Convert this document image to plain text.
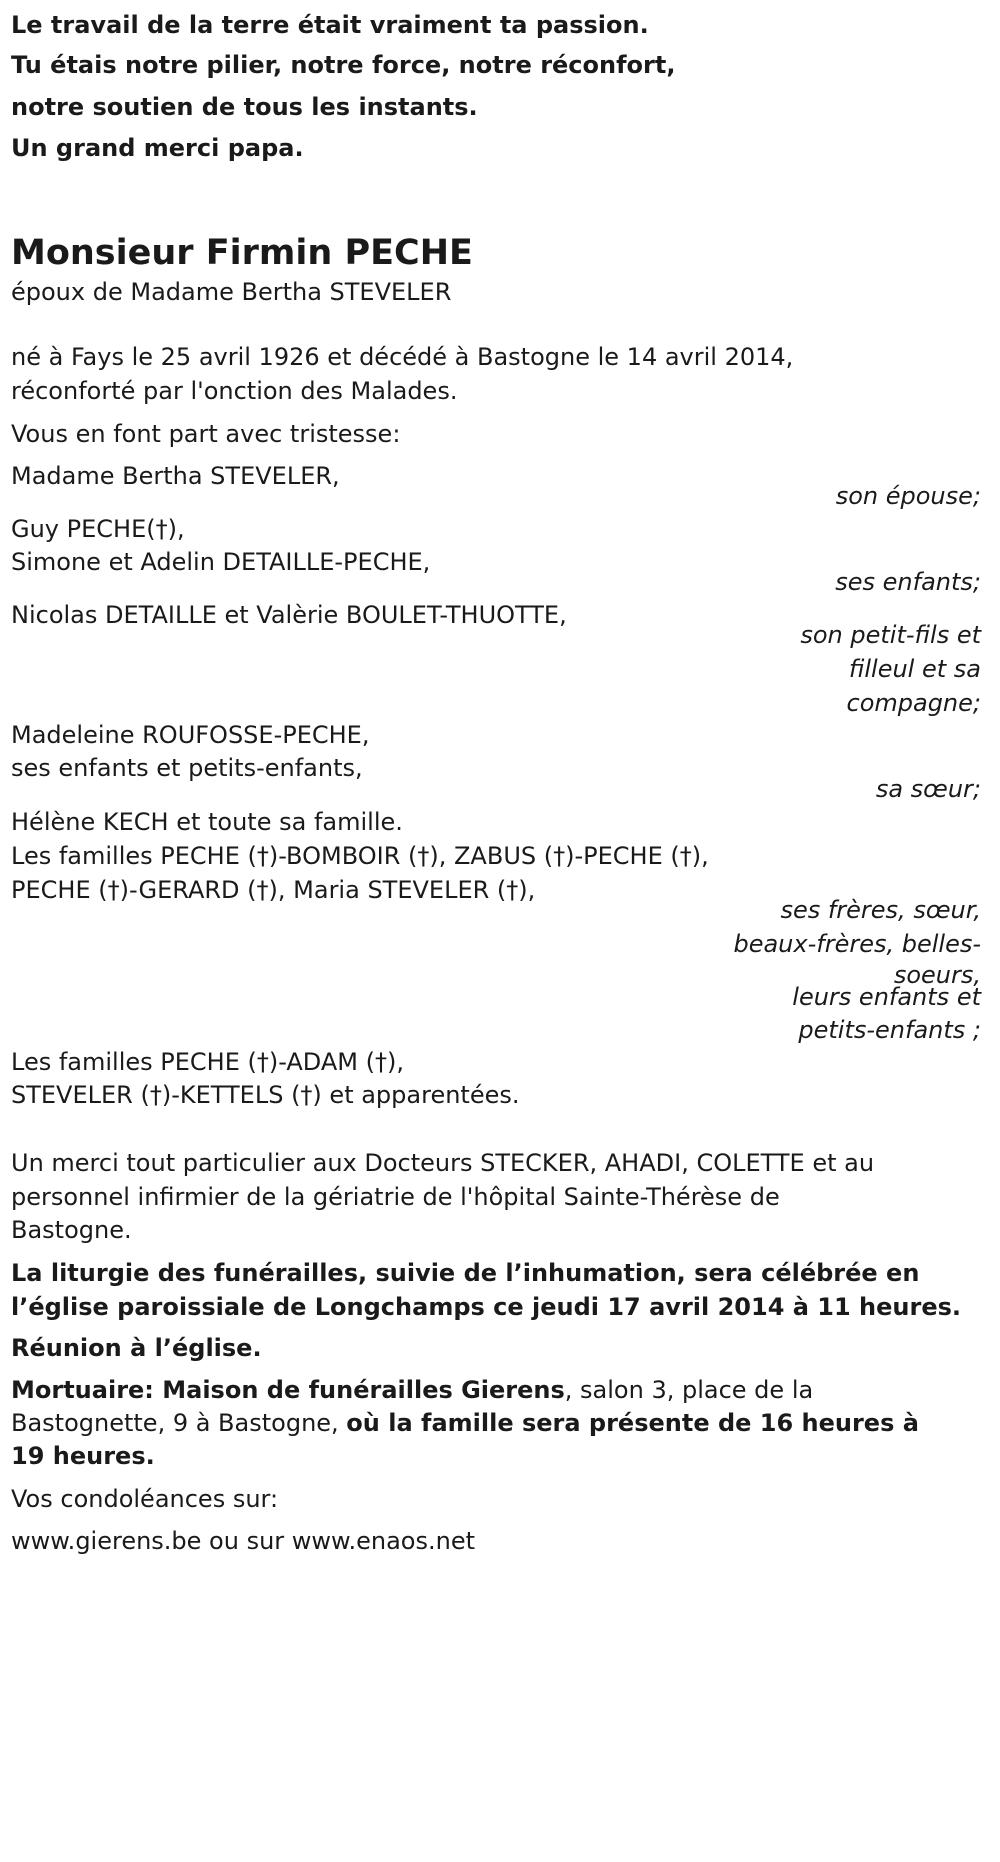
Le travail de la terre était vraiment ta passion.
Tu étais notre pilier, notre force, notre réconfort,
notre soutien de tous les instants.
Un grand merci papa.
Monsieur Firmin PECHE
époux de Madame Bertha STEVELER
né à Fays le 25 avril 1926 et décédé à Bastogne le 14 avril 2014,
réconforté par l'onction des Malades.
Vous en font part avec tristesse:
Madame Bertha STEVELER,
son épouse;
Guy PECHE(†),
Simone et Adelin DETAILLE-PECHE,
ses enfants;
Nicolas DETAILLE et Valèrie BOULET-THUOTTE,
son petit-fils et
filleul et sa
compagne;
Madeleine ROUFOSSE-PECHE,
ses enfants et petits-enfants,
sa sœur;
Hélène KECH et toute sa famille.
Les familles PECHE (†)-BOMBOIR (†), ZABUS (†)-PECHE (†),
PECHE (†)-GERARD (†), Maria STEVELER (†),
ses frères, sœur,
beaux-frères, belles-
soeurs,
leurs enfants et
petits-enfants ;
Les familles PECHE (†)-ADAM (†),
STEVELER (†)-KETTELS (†) et apparentées.
Un merci tout particulier aux Docteurs STECKER, AHADI, COLETTE et au
personnel infirmier de la gériatrie de l'hôpital Sainte-Thérèse de
Bastogne.
La liturgie des funérailles, suivie de l’inhumation, sera célébrée en
l’église paroissiale de Longchamps ce jeudi 17 avril 2014 à 11 heures.
Réunion à l’église.
Mortuaire: Maison de funérailles Gierens, salon 3, place de la
Bastognette, 9 à Bastogne, où la famille sera présente de 16 heures à
19 heures.
Vos condoléances sur:
www.gierens.be ou sur www.enaos.net
